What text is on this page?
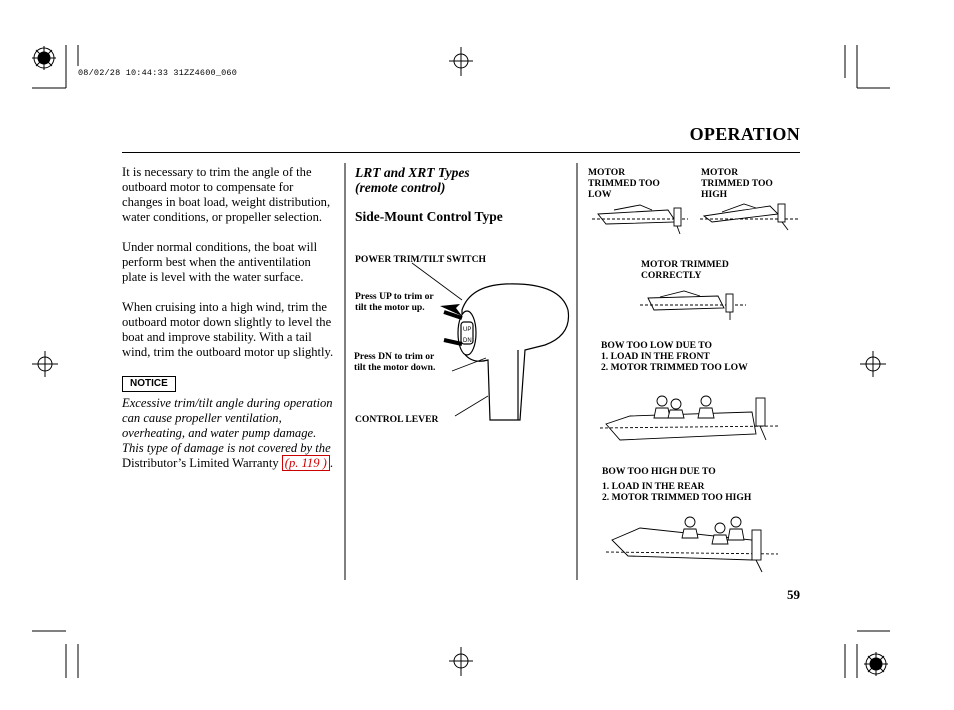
UP
DN
08/02/28 10:44:33 31ZZ4600_060
OPERATION

It is necessary to trim the angle of the outboard motor to compensate for changes in boat load, weight distribution, water conditions, or propeller selection.

Under normal conditions, the boat will perform best when the antiventilation plate is level with the water surface.

When cruising into a high wind, trim the outboard motor down slightly to level the boat and improve stability. With a tail wind, trim the outboard motor up slightly.

NOTICE
Excessive trim/tilt angle during operation can cause propeller ventilation, overheating, and water pump damage. This type of damage is not covered by the Distributor’s Limited Warranty (p. 119 ) .
LRT and XRT Types
(remote control)
Side-Mount Control Type
POWER TRIM/TILT SWITCH
Press UP to trim or
tilt the motor up.
Press DN to trim or
tilt the motor down.
CONTROL LEVER
MOTOR
TRIMMED TOO
LOW
MOTOR
TRIMMED TOO
HIGH
MOTOR TRIMMED
CORRECTLY
BOW TOO LOW DUE TO
1. LOAD IN THE FRONT
2. MOTOR TRIMMED TOO LOW
BOW TOO HIGH DUE TO
1. LOAD IN THE REAR
2. MOTOR TRIMMED TOO HIGH
59
